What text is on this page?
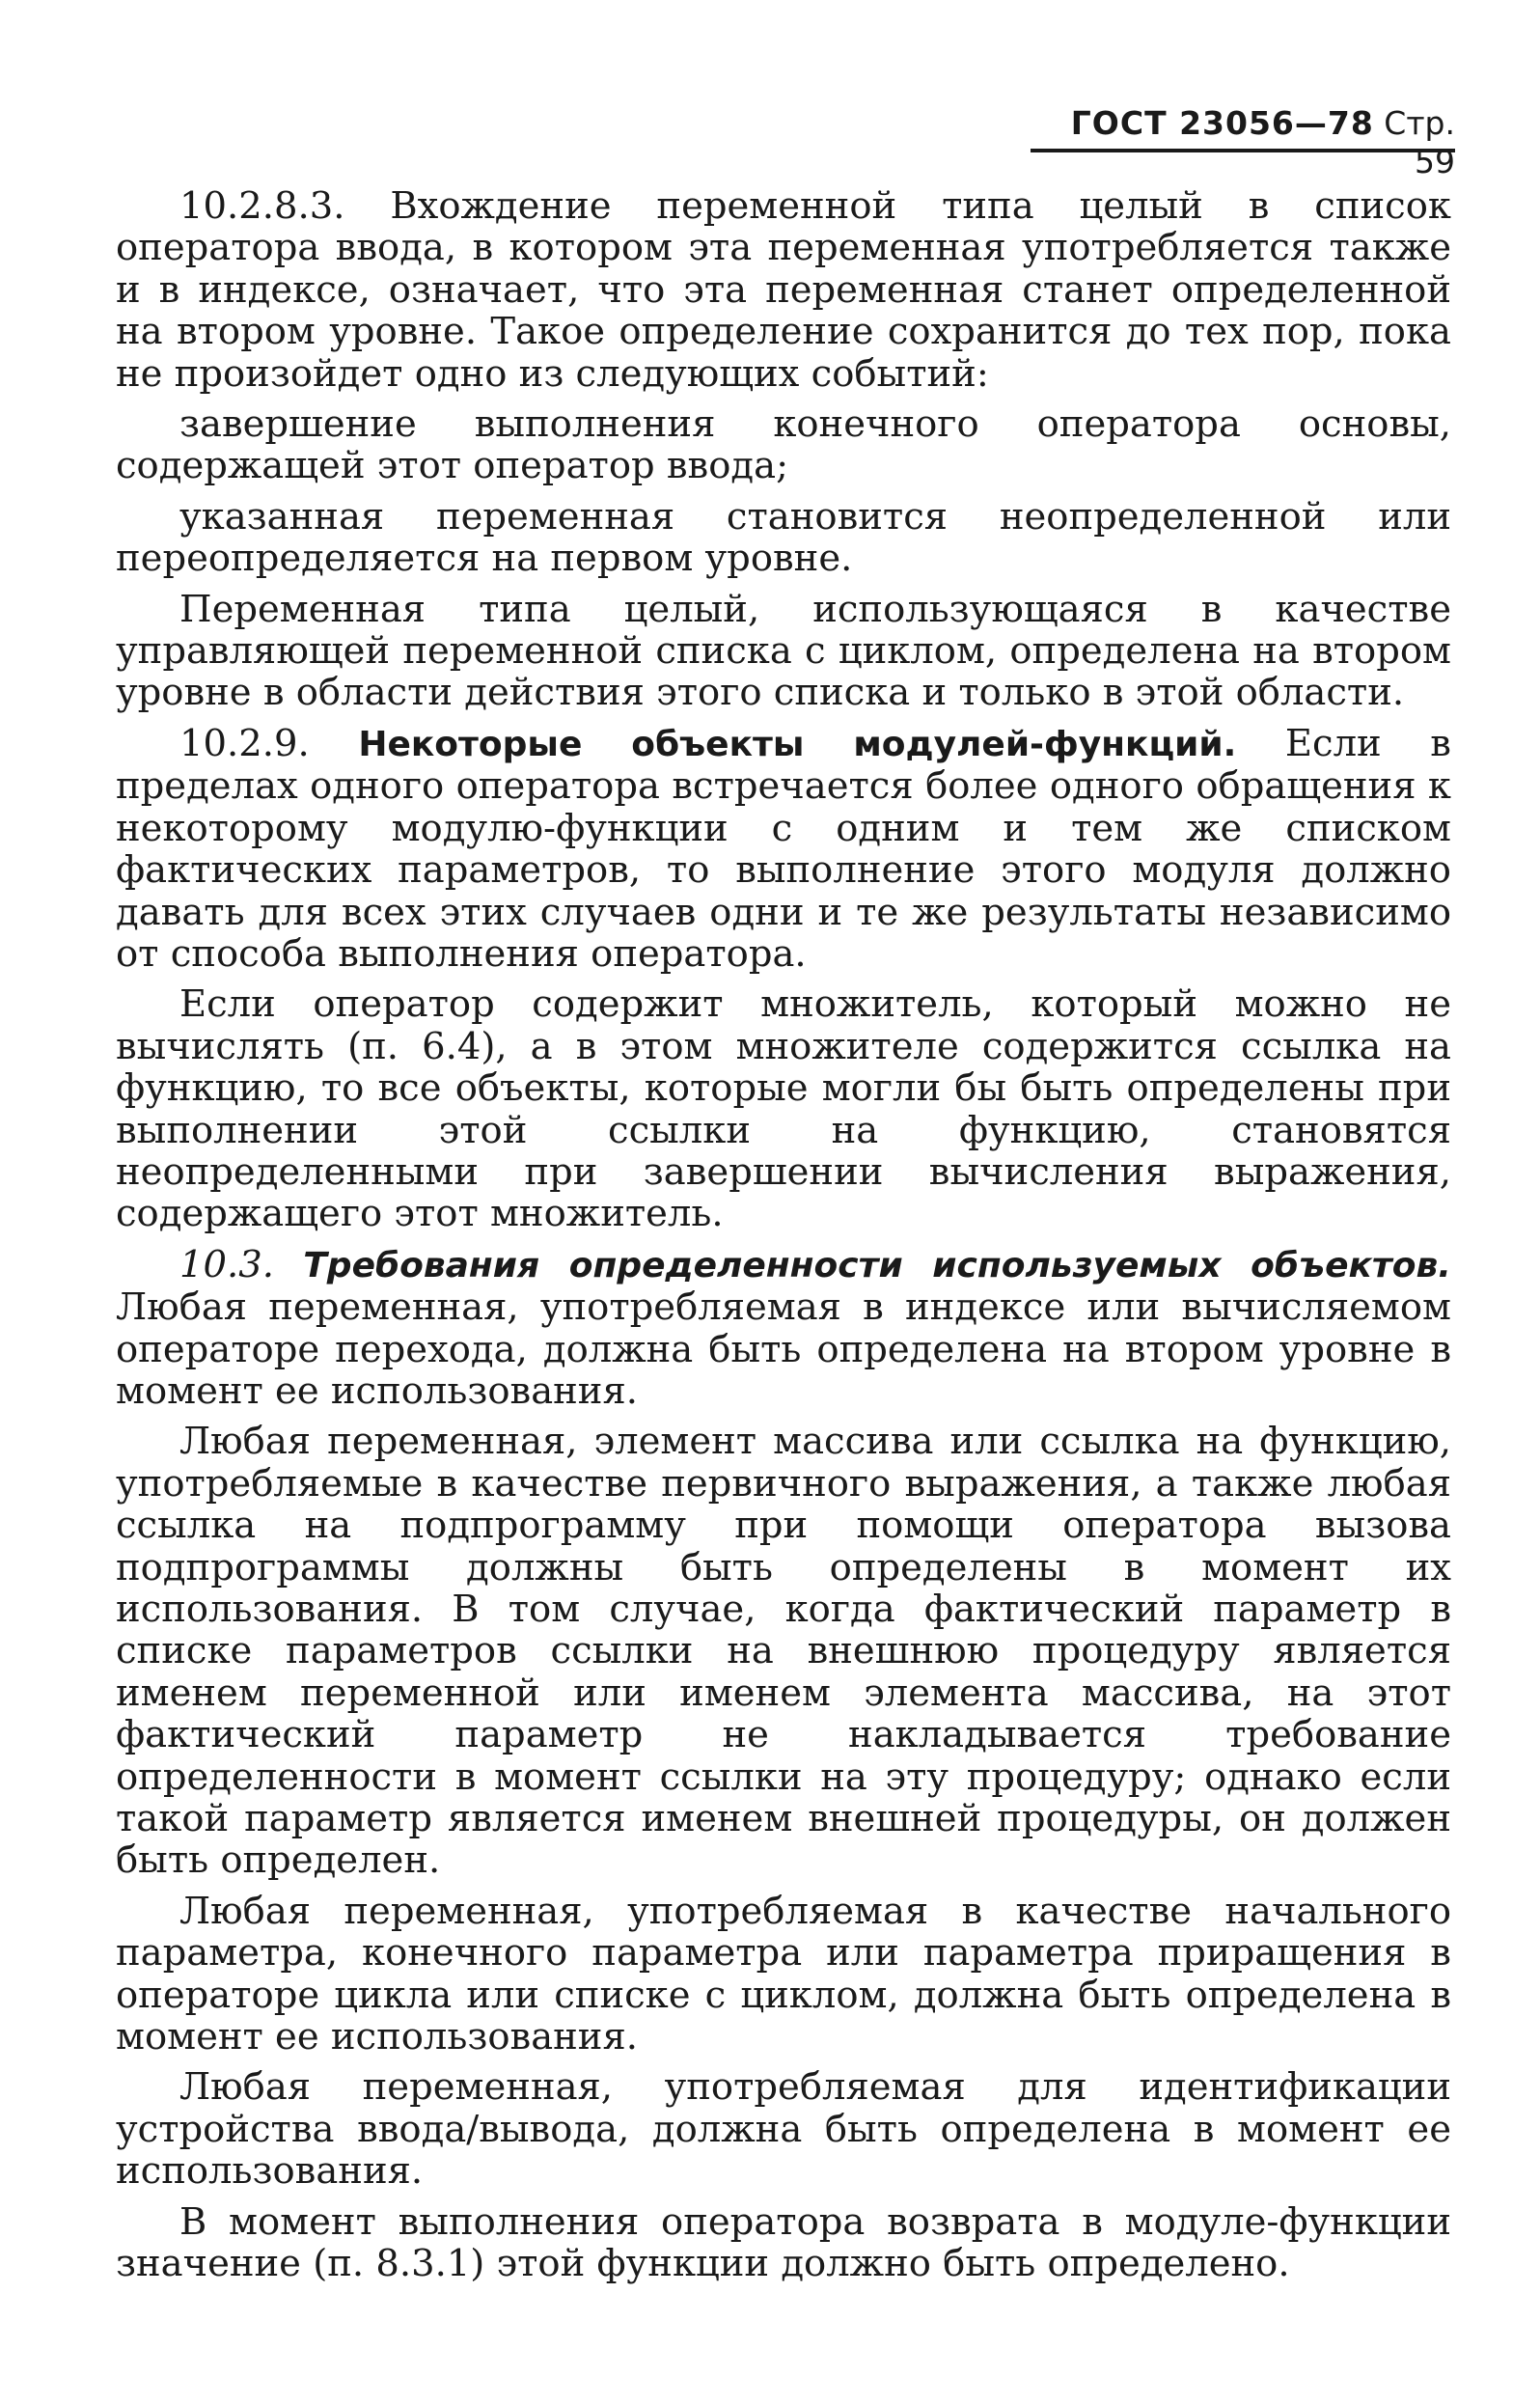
ГОСТ 23056—78 Стр. 59

10.2.8.3. Вхождение переменной типа целый в список оператора ввода, в котором эта переменная употребляется также и в индексе, означает, что эта переменная станет определенной на втором уровне. Такое определение сохранится до тех пор, пока не произойдет одно из следующих событий:

завершение выполнения конечного оператора основы, содержащей этот оператор ввода;

указанная переменная становится неопределенной или переопределяется на первом уровне.

Переменная типа целый, использующаяся в качестве управляющей переменной списка с циклом, определена на втором уровне в области действия этого списка и только в этой области.

10.2.9. Некоторые объекты модулей-функций. Если в пределах одного оператора встречается более одного обращения к некоторому модулю-функции с одним и тем же списком фактических параметров, то выполнение этого модуля должно давать для всех этих случаев одни и те же результаты независимо от способа выполнения оператора.

Если оператор содержит множитель, который можно не вычислять (п. 6.4), а в этом множителе содержится ссылка на функцию, то все объекты, которые могли бы быть определены при выполнении этой ссылки на функцию, становятся неопределенными при завершении вычисления выражения, содержащего этот множитель.

10.3. Требования определенности используемых объектов. Любая переменная, употребляемая в индексе или вычисляемом операторе перехода, должна быть определена на втором уровне в момент ее использования.

Любая переменная, элемент массива или ссылка на функцию, употребляемые в качестве первичного выражения, а также любая ссылка на подпрограмму при помощи оператора вызова подпрограммы должны быть определены в момент их использования. В том случае, когда фактический параметр в списке параметров ссылки на внешнюю процедуру является именем переменной или именем элемента массива, на этот фактический параметр не накладывается требование определенности в момент ссылки на эту процедуру; однако если такой параметр является именем внешней процедуры, он должен быть определен.

Любая переменная, употребляемая в качестве начального параметра, конечного параметра или параметра приращения в операторе цикла или списке с циклом, должна быть определена в момент ее использования.

Любая переменная, употребляемая для идентификации устройства ввода/вывода, должна быть определена в момент ее использования.

В момент выполнения оператора возврата в модуле-функции значение (п. 8.3.1) этой функции должно быть определено.
